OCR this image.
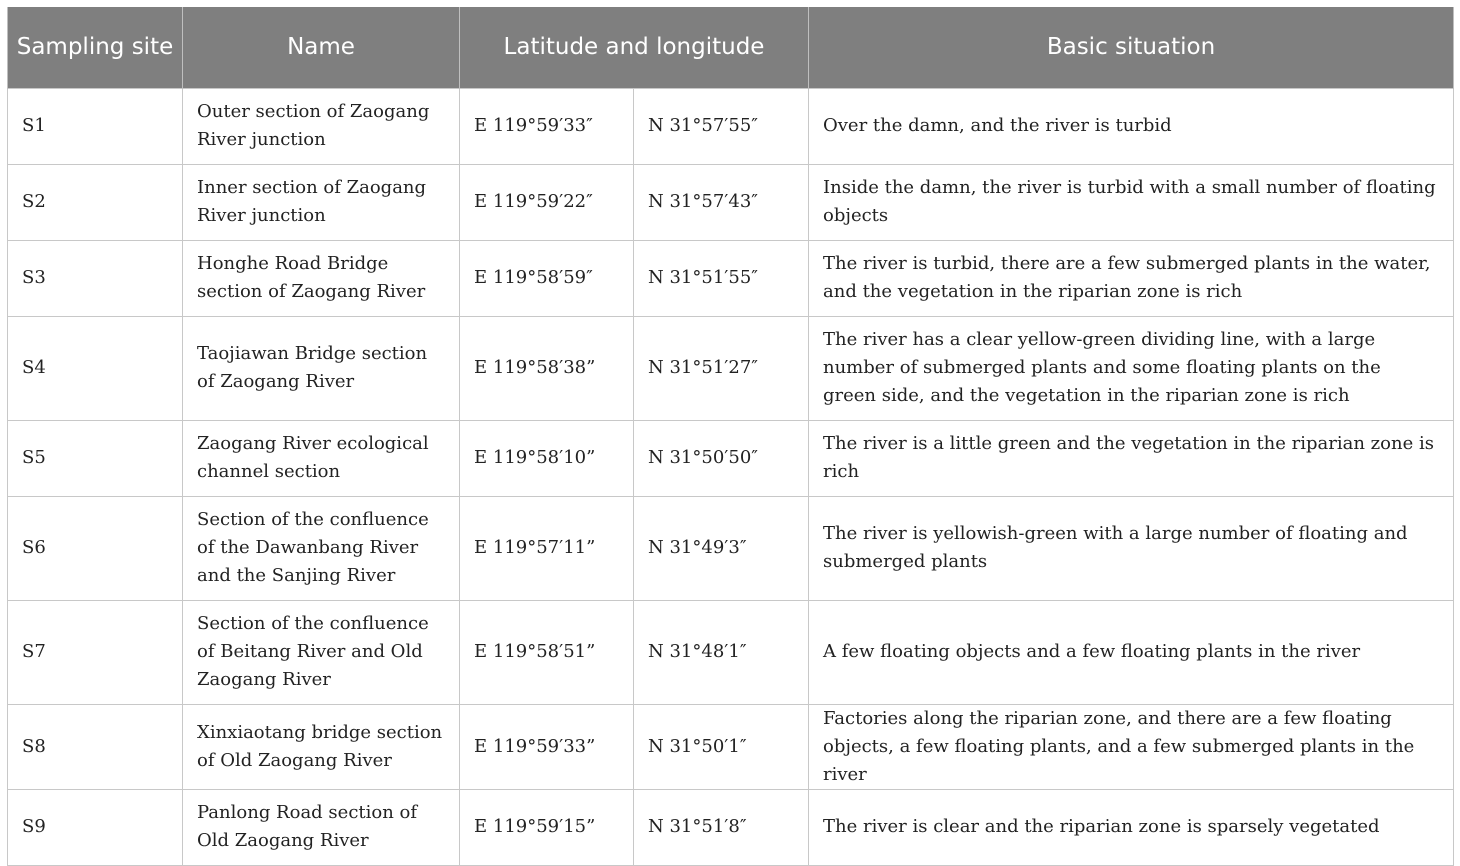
Sampling site	Name	Latitude and longitude		Basic situation
S1	Outer section of Zaogang River junction	E 119°59′33″	N 31°57′55″	Over the damn, and the river is turbid
S2	Inner section of Zaogang River junction	E 119°59′22″	N 31°57′43″	Inside the damn, the river is turbid with a small number of floating objects
S3	Honghe Road Bridge section of Zaogang River	E 119°58′59″	N 31°51′55″	The river is turbid, there are a few submerged plants in the water, and the vegetation in the riparian zone is rich
S4	Taojiawan Bridge section of Zaogang River	E 119°58′38”	N 31°51′27″	The river has a clear yellow-green dividing line, with a large number of submerged plants and some floating plants on the green side, and the vegetation in the riparian zone is rich
S5	Zaogang River ecological channel section	E 119°58′10”	N 31°50′50″	The river is a little green and the vegetation in the riparian zone is rich
S6	Section of the confluence of the Dawanbang River and the Sanjing River	E 119°57′11”	N 31°49′3″	The river is yellowish-green with a large number of floating and submerged plants
S7	Section of the confluence of Beitang River and Old Zaogang River	E 119°58′51”	N 31°48′1″	A few floating objects and a few floating plants in the river
S8	Xinxiaotang bridge section of Old Zaogang River	E 119°59′33”	N 31°50′1″	Factories along the riparian zone, and there are a few floating objects, a few floating plants, and a few submerged plants in the river
S9	Panlong Road section of Old Zaogang River	E 119°59′15”	N 31°51′8″	The river is clear and the riparian zone is sparsely vegetated
